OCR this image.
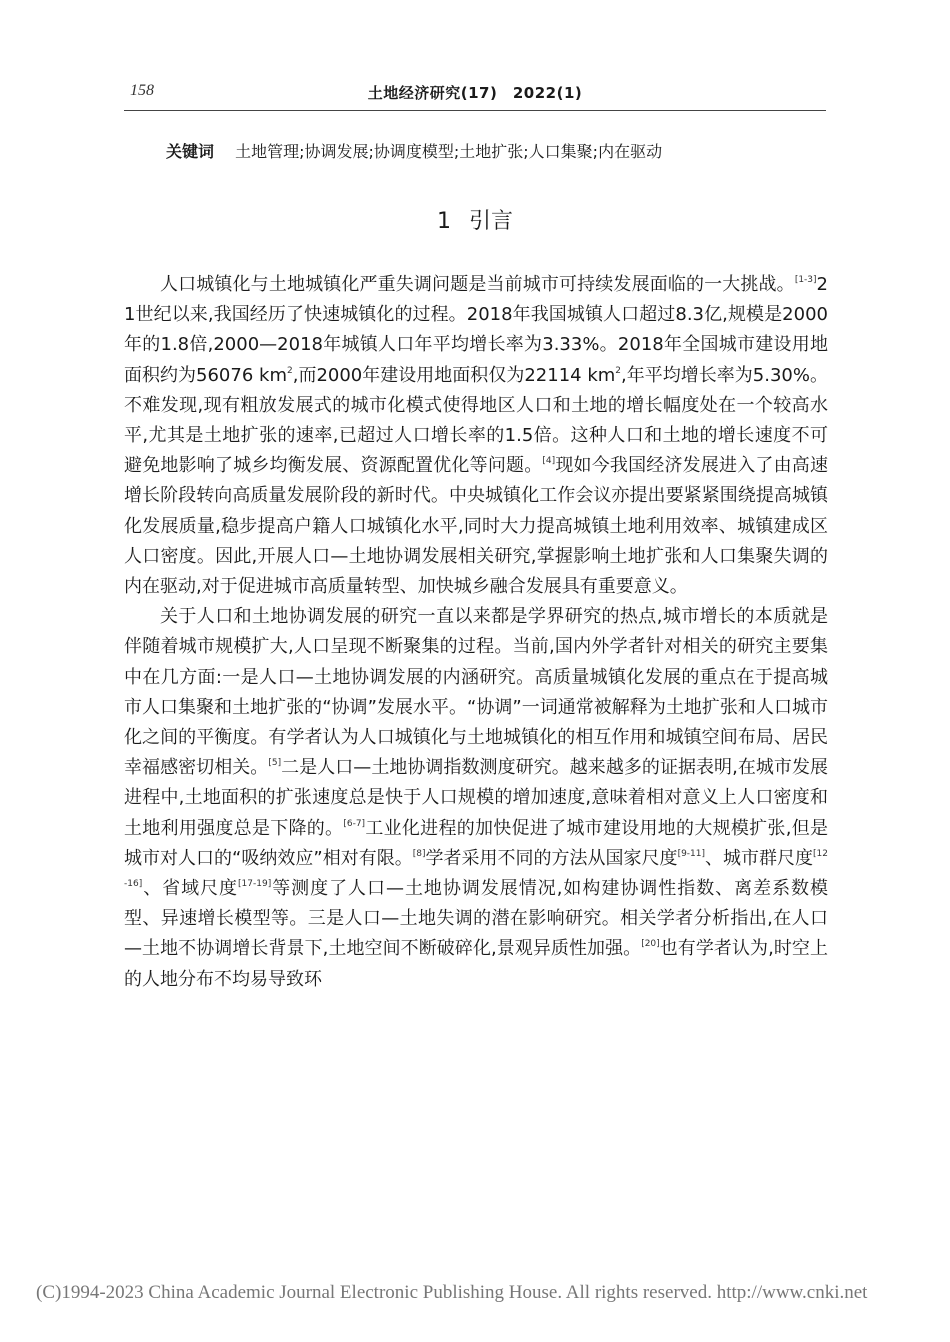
158	土地经济研究(17)　2022(1)
关键词 土地管理;协调发展;协调度模型;土地扩张;人口集聚;内在驱动
1 引言

人口城镇化与土地城镇化严重失调问题是当前城市可持续发展面临的一大挑战。[1-3]21世纪以来,我国经历了快速城镇化的过程。2018年我国城镇人口超过8.3亿,规模是2000年的1.8倍,2000—2018年城镇人口年平均增长率为3.33%。2018年全国城市建设用地面积约为56076 $km^2$,而2000年建设用地面积仅为22114 $km^2$,年平均增长率为5.30%。不难发现,现有粗放发展式的城市化模式使得地区人口和土地的增长幅度处在一个较高水平,尤其是土地扩张的速率,已超过人口增长率的1.5倍。这种人口和土地的增长速度不可避免地影响了城乡均衡发展、资源配置优化等问题。[4]现如今我国经济发展进入了由高速增长阶段转向高质量发展阶段的新时代。中央城镇化工作会议亦提出要紧紧围绕提高城镇化发展质量,稳步提高户籍人口城镇化水平,同时大力提高城镇土地利用效率、城镇建成区人口密度。因此,开展人口—土地协调发展相关研究,掌握影响土地扩张和人口集聚失调的内在驱动,对于促进城市高质量转型、加快城乡融合发展具有重要意义。

关于人口和土地协调发展的研究一直以来都是学界研究的热点,城市增长的本质就是伴随着城市规模扩大,人口呈现不断聚集的过程。当前,国内外学者针对相关的研究主要集中在几方面:一是人口—土地协调发展的内涵研究。高质量城镇化发展的重点在于提高城市人口集聚和土地扩张的“协调”发展水平。“协调”一词通常被解释为土地扩张和人口城市化之间的平衡度。有学者认为人口城镇化与土地城镇化的相互作用和城镇空间布局、居民幸福感密切相关。[5]二是人口—土地协调指数测度研究。越来越多的证据表明,在城市发展进程中,土地面积的扩张速度总是快于人口规模的增加速度,意味着相对意义上人口密度和土地利用强度总是下降的。[6-7]工业化进程的加快促进了城市建设用地的大规模扩张,但是城市对人口的“吸纳效应”相对有限。[8]学者采用不同的方法从国家尺度[9-11]、城市群尺度[12-16]、省域尺度[17-19]等测度了人口—土地协调发展情况,如构建协调性指数、离差系数模型、异速增长模型等。三是人口—土地失调的潜在影响研究。相关学者分析指出,在人口—土地不协调增长背景下,土地空间不断破碎化,景观异质性加强。[20]也有学者认为,时空上的人地分布不均易导致环

(C)1994-2023 China Academic Journal Electronic Publishing House. All rights reserved. http://www.cnki.net
